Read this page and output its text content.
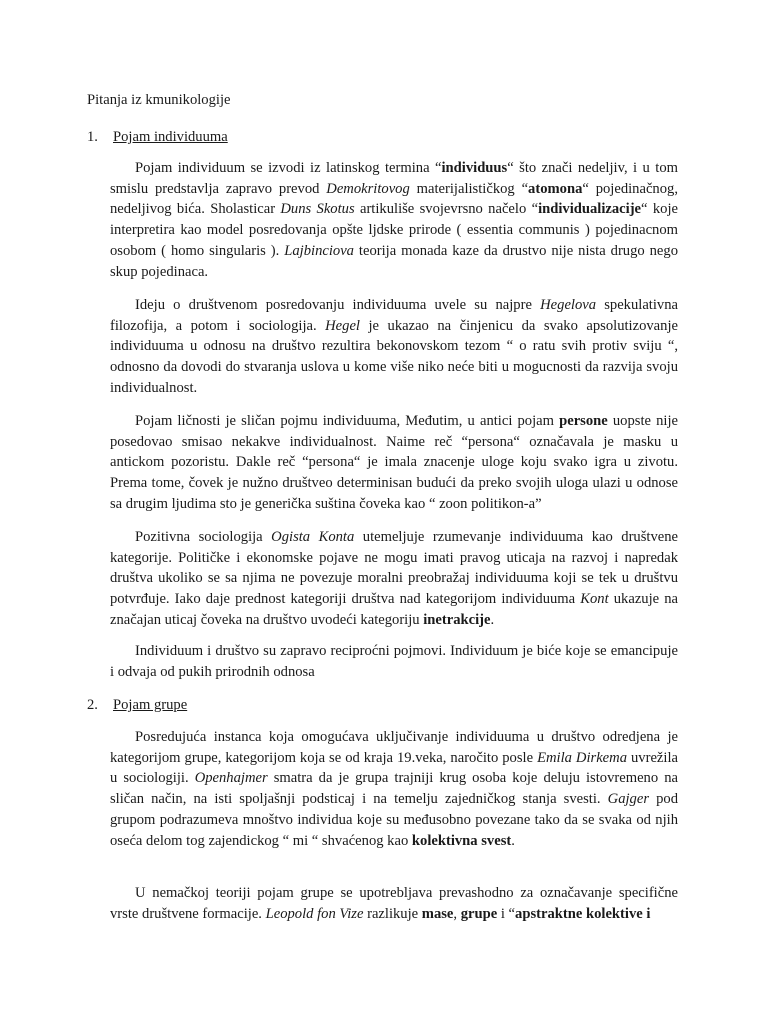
Pitanja iz kmunikologije
1. Pojam individuuma

Pojam individuum se izvodi iz latinskog termina “individuus“ što znači nedeljiv, i u tom smislu predstavlja zapravo prevod Demokritovog materijalističkog “atomona“ pojedinačnog, nedeljivog bića. Sholasticar Duns Skotus artikuliše svojevrsno načelo “individualizacije“ koje interpretira kao model posredovanja opšte ljdske prirode ( essentia communis ) pojedinacnom osobom ( homo singularis ). Lajbinciova teorija monada kaze da drustvo nije nista drugo nego skup pojedinaca.

Ideju o društvenom posredovanju individuuma uvele su najpre Hegelova spekulativna filozofija, a potom i sociologija. Hegel je ukazao na činjenicu da svako apsolutizovanje individuuma u odnosu na društvo rezultira bekonovskom tezom “ o ratu svih protiv sviju “, odnosno da dovodi do stvaranja uslova u kome više niko neće biti u mogucnosti da razvija svoju individualnost.

Pojam ličnosti je sličan pojmu individuuma, Međutim, u antici pojam persone uopste nije posedovao smisao nekakve individualnost. Naime reč “persona“ označavala je masku u antickom pozoristu. Dakle reč “persona“ je imala znacenje uloge koju svako igra u zivotu. Prema tome, čovek je nužno društveo determinisan budući da preko svojih uloga ulazi u odnose sa drugim ljudima sto je generička suština čoveka kao “ zoon politikon-a”

Pozitivna sociologija Ogista Konta utemeljuje rzumevanje individuuma kao društvene kategorije. Političke i ekonomske pojave ne mogu imati pravog uticaja na razvoj i napredak društva ukoliko se sa njima ne povezuje moralni preobražaj individuuma koji se tek u društvu potvrđuje. Iako daje prednost kategoriji društva nad kategorijom individuuma Kont ukazuje na značajan uticaj čoveka na društvo uvodeći kategoriju inetrakcije.

Individuum i društvo su zapravo reciproćni pojmovi. Individuum je biće koje se emancipuje i odvaja od pukih prirodnih odnosa

2. Pojam grupe

Posredujuća instanca koja omogućava uključivanje individuuma u društvo odredjena je kategorijom grupe, kategorijom koja se od kraja 19.veka, naročito posle Emila Dirkema uvrežila u sociologiji. Openhajmer smatra da je grupa trajniji krug osoba koje deluju istovremeno na sličan način, na isti spoljašnji podsticaj i na temelju zajedničkog stanja svesti. Gajger pod grupom podrazumeva mnoštvo individua koje su međusobno povezane tako da se svaka od njih oseća delom tog zajendickog “ mi “ shvaćenog kao kolektivna svest.

U nemačkoj teoriji pojam grupe se upotrebljava prevashodno za označavanje specifične vrste društvene formacije. Leopold fon Vize razlikuje mase, grupe i “apstraktne kolektive i
